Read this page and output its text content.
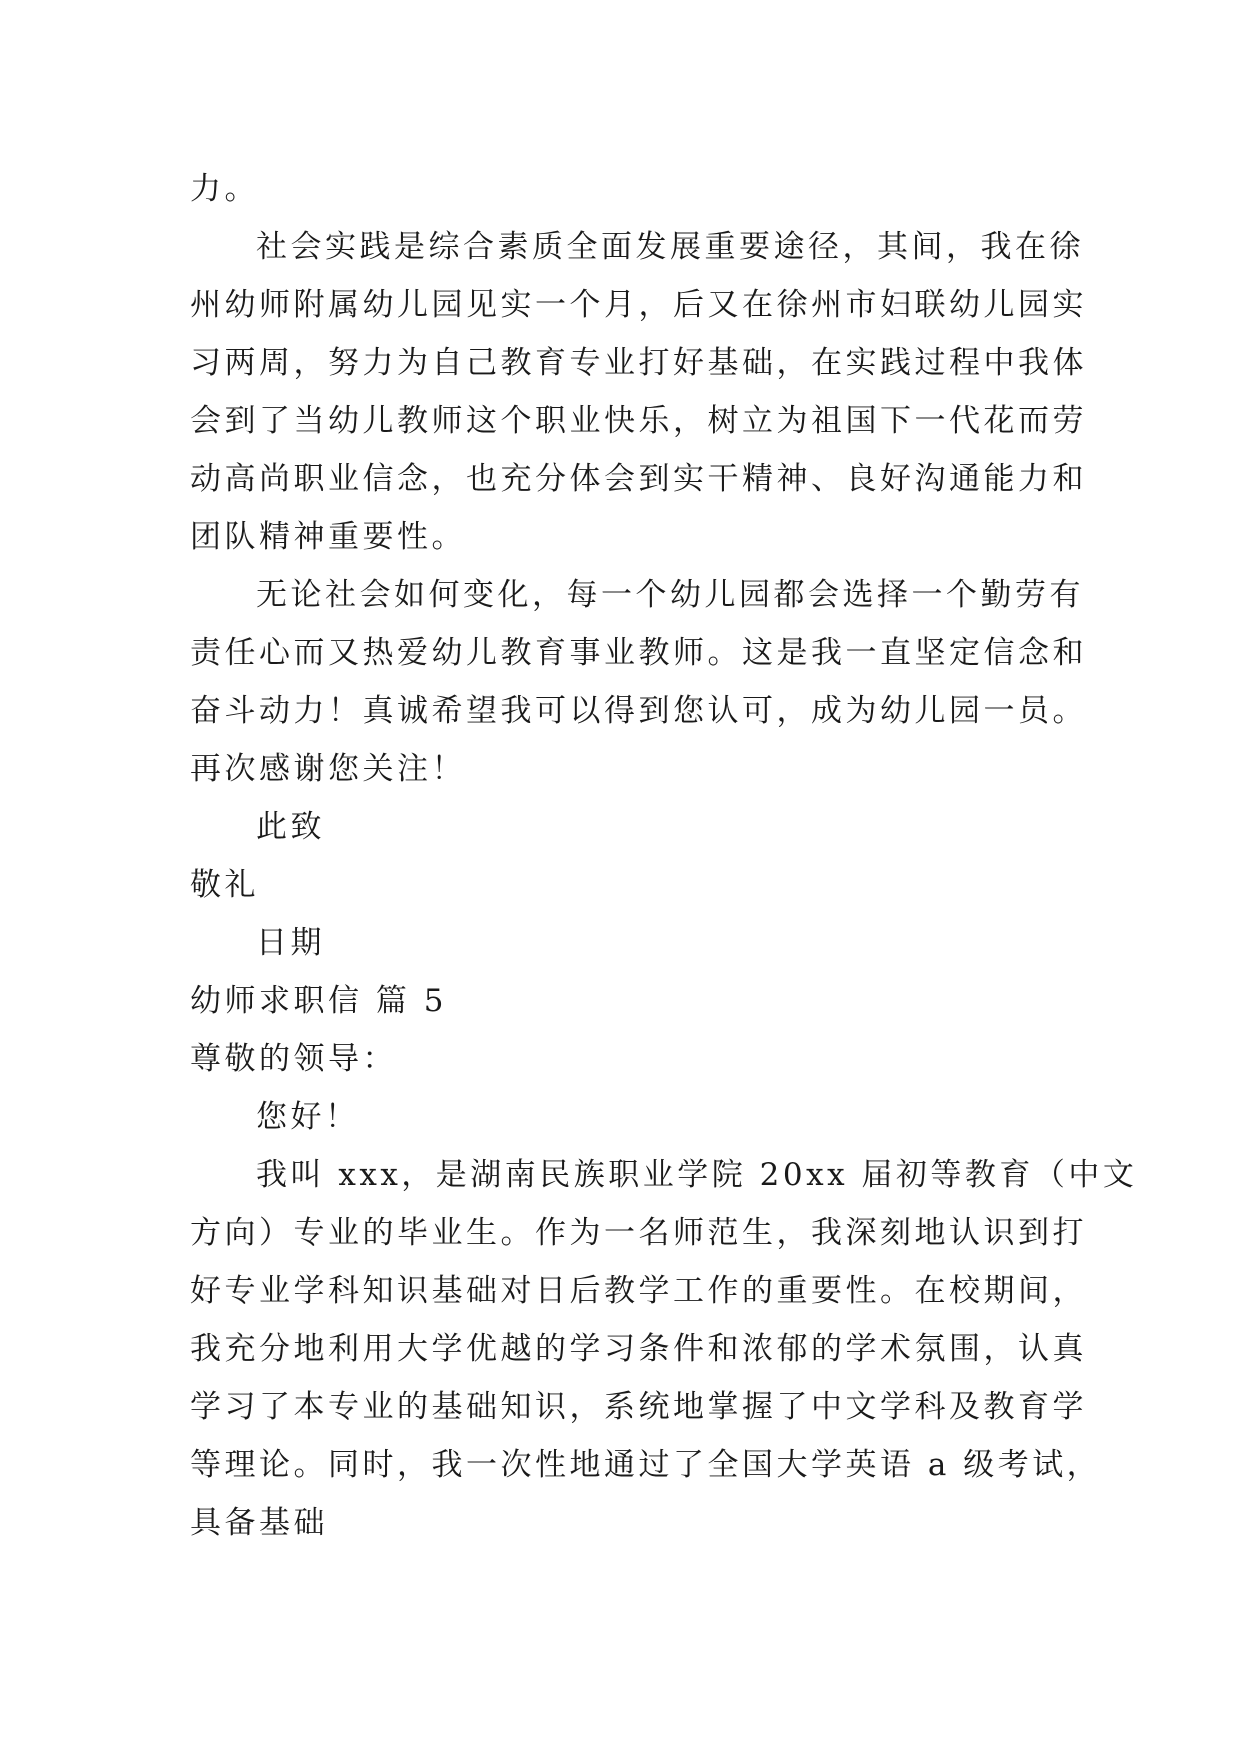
力。
社会实践是综合素质全面发展重要途径，其间，我在徐
州幼师附属幼儿园见实一个月，后又在徐州市妇联幼儿园实
习两周，努力为自己教育专业打好基础，在实践过程中我体
会到了当幼儿教师这个职业快乐，树立为祖国下一代花而劳
动高尚职业信念，也充分体会到实干精神、良好沟通能力和
团队精神重要性。
无论社会如何变化，每一个幼儿园都会选择一个勤劳有
责任心而又热爱幼儿教育事业教师。这是我一直坚定信念和
奋斗动力！真诚希望我可以得到您认可，成为幼儿园一员。
再次感谢您关注！
此致
敬礼
日期
幼师求职信 篇 5
尊敬的领导：
您好！
我叫 xxx，是湖南民族职业学院 20xx 届初等教育（中文
方向）专业的毕业生。作为一名师范生，我深刻地认识到打
好专业学科知识基础对日后教学工作的重要性。在校期间，
我充分地利用大学优越的学习条件和浓郁的学术氛围，认真
学习了本专业的基础知识，系统地掌握了中文学科及教育学
等理论。同时，我一次性地通过了全国大学英语 a 级考试，
具备基础
